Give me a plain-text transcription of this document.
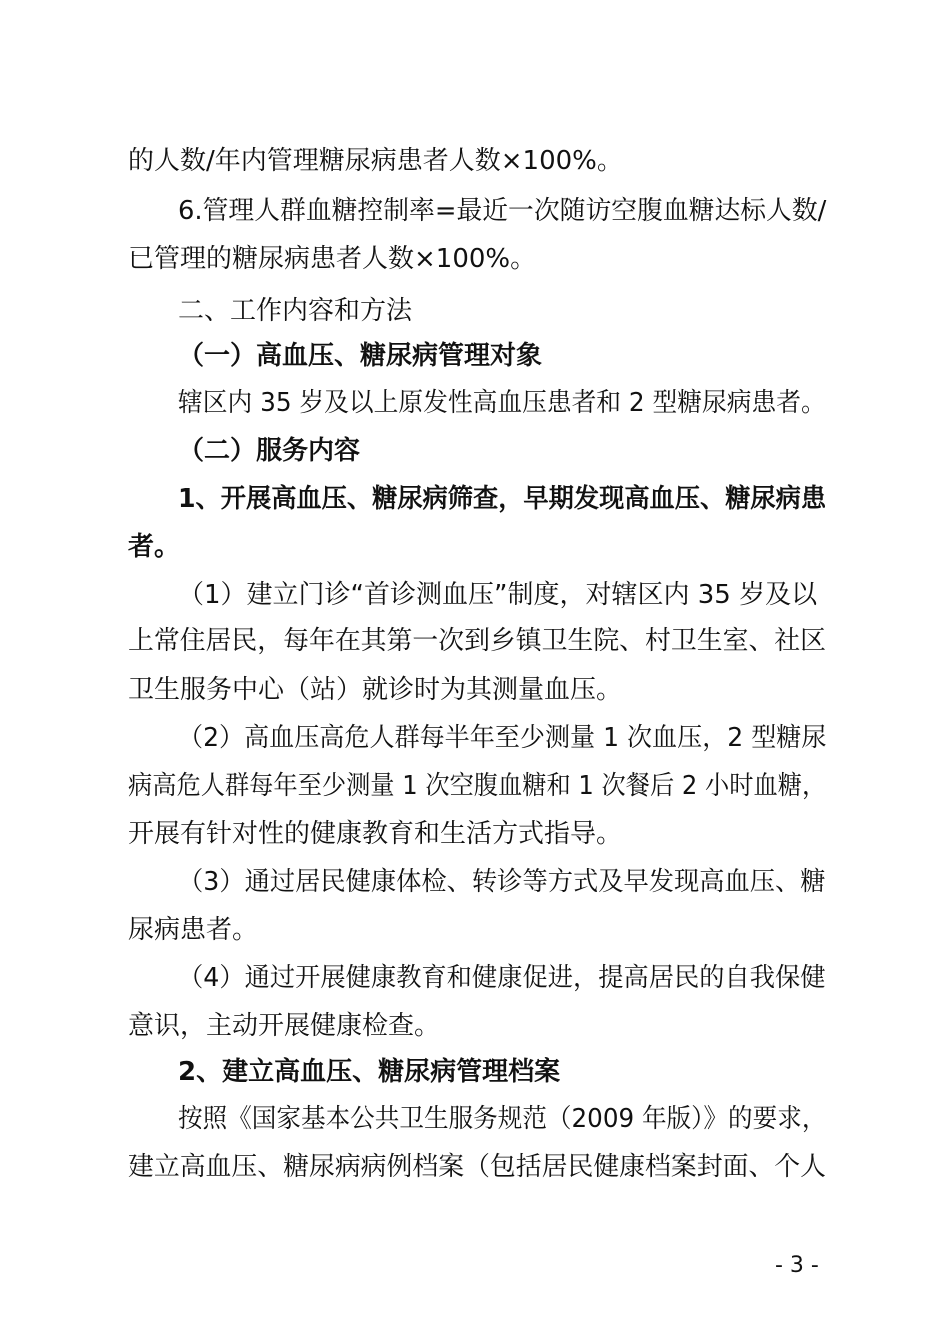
的人数/年内管理糖尿病患者人数×100%。
6.管理人群血糖控制率=最近一次随访空腹血糖达标人数/
已管理的糖尿病患者人数×100%。
二、工作内容和方法
（一）高血压、糖尿病管理对象
辖区内 35 岁及以上原发性高血压患者和 2 型糖尿病患者。
（二）服务内容
1、开展高血压、糖尿病筛查，早期发现高血压、糖尿病患
者。
（1）建立门诊“首诊测血压”制度，对辖区内 35 岁及以
上常住居民，每年在其第一次到乡镇卫生院、村卫生室、社区
卫生服务中心（站）就诊时为其测量血压。
（2）高血压高危人群每半年至少测量 1 次血压，2 型糖尿
病高危人群每年至少测量 1 次空腹血糖和 1 次餐后 2 小时血糖，
开展有针对性的健康教育和生活方式指导。
（3）通过居民健康体检、转诊等方式及早发现高血压、糖
尿病患者。
（4）通过开展健康教育和健康促进，提高居民的自我保健
意识，主动开展健康检查。
2、建立高血压、糖尿病管理档案
按照《国家基本公共卫生服务规范（2009 年版）》的要求，
建立高血压、糖尿病病例档案（包括居民健康档案封面、个人
- 3 -
